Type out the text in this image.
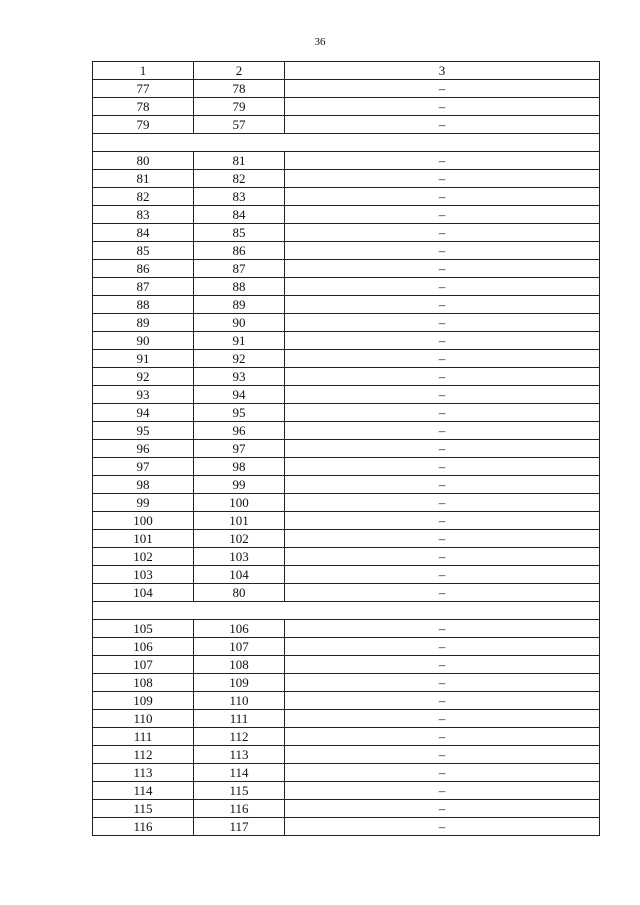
36
1	2	3
77	78	–
78	79	–
79	57	–

80	81	–
81	82	–
82	83	–
83	84	–
84	85	–
85	86	–
86	87	–
87	88	–
88	89	–
89	90	–
90	91	–
91	92	–
92	93	–
93	94	–
94	95	–
95	96	–
96	97	–
97	98	–
98	99	–
99	100	–
100	101	–
101	102	–
102	103	–
103	104	–
104	80	–

105	106	–
106	107	–
107	108	–
108	109	–
109	110	–
110	111	–
111	112	–
112	113	–
113	114	–
114	115	–
115	116	–
116	117	–
